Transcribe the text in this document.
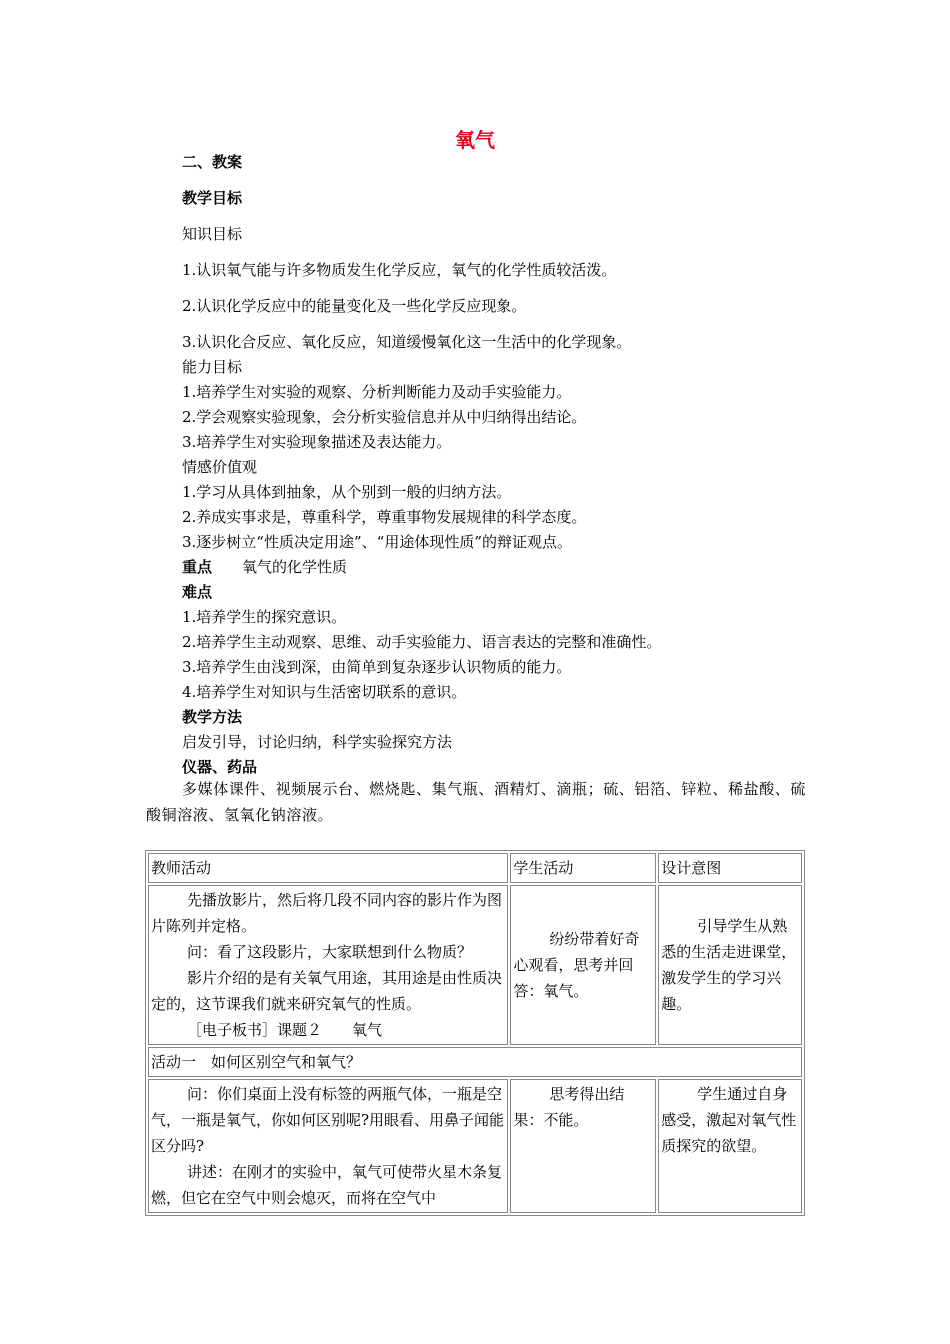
氧气
二、教案
教学目标
知识目标
1.认识氧气能与许多物质发生化学反应，氧气的化学性质较活泼。
2.认识化学反应中的能量变化及一些化学反应现象。
3.认识化合反应、氧化反应，知道缓慢氧化这一生活中的化学现象。
能力目标
1.培养学生对实验的观察、分析判断能力及动手实验能力。
2.学会观察实验现象，会分析实验信息并从中归纳得出结论。
3.培养学生对实验现象描述及表达能力。
情感价值观
1.学习从具体到抽象，从个别到一般的归纳方法。
2.养成实事求是，尊重科学，尊重事物发展规律的科学态度。
3.逐步树立“性质决定用途”、“用途体现性质”的辩证观点。
重点 氧气的化学性质
难点
1.培养学生的探究意识。
2.培养学生主动观察、思维、动手实验能力、语言表达的完整和准确性。
3.培养学生由浅到深，由简单到复杂逐步认识物质的能力。
4.培养学生对知识与生活密切联系的意识。
教学方法
启发引导，讨论归纳，科学实验探究方法
仪器、药品
多媒体课件、视频展示台、燃烧匙、集气瓶、酒精灯、滴瓶；硫、铝箔、锌粒、稀盐酸、硫酸铜溶液、氢氧化钠溶液。
教师活动	学生活动	设计意图

先播放影片，然后将几段不同内容的影片作为图片陈列并定格。

问：看了这段影片，大家联想到什么物质？

影片介绍的是有关氧气用途，其用途是由性质决定的，这节课我们就来研究氧气的性质。

［电子板书］课题２ 氧气	纷纷带着好奇心观看，思考并回答：氧气。	引导学生从熟悉的生活走进课堂，激发学生的学习兴趣。

活动一　如何区别空气和氧气？		

问：你们桌面上没有标签的两瓶气体，一瓶是空气，一瓶是氧气，你如何区别呢?用眼看、用鼻子闻能区分吗?

讲述：在刚才的实验中，氧气可使带火星木条复燃，但它在空气中则会熄灭，而将在空气中	思考得出结果：不能。	学生通过自身感受，激起对氧气性质探究的欲望。
